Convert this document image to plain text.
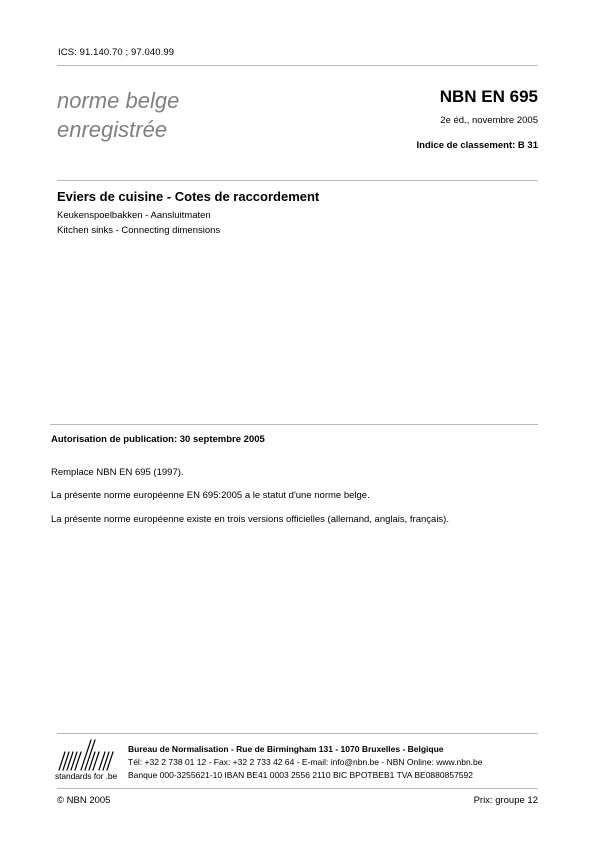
ICS: 91.140.70 ; 97.040.99
norme belge
enregistrée
NBN EN 695
2e éd., novembre 2005
Indice de classement: B 31
Eviers de cuisine - Cotes de raccordement
Keukenspoelbakken - Aansluitmaten
Kitchen sinks - Connecting dimensions
Autorisation de publication: 30 septembre 2005
Remplace NBN EN 695 (1997).
La présente norme européenne EN 695:2005 a le statut d'une norme belge.
La présente norme européenne existe en trois versions officielles (allemand, anglais, français).
standards for .be
Bureau de Normalisation - Rue de Birmingham 131 - 1070 Bruxelles - Belgique
Tél: +32 2 738 01 12 - Fax: +32 2 733 42 64 - E-mail: info@nbn.be - NBN Online: www.nbn.be
Banque 000-3255621-10 IBAN BE41 0003 2556 2110 BIC BPOTBEB1 TVA BE0880857592
© NBN 2005	Prix: groupe 12
